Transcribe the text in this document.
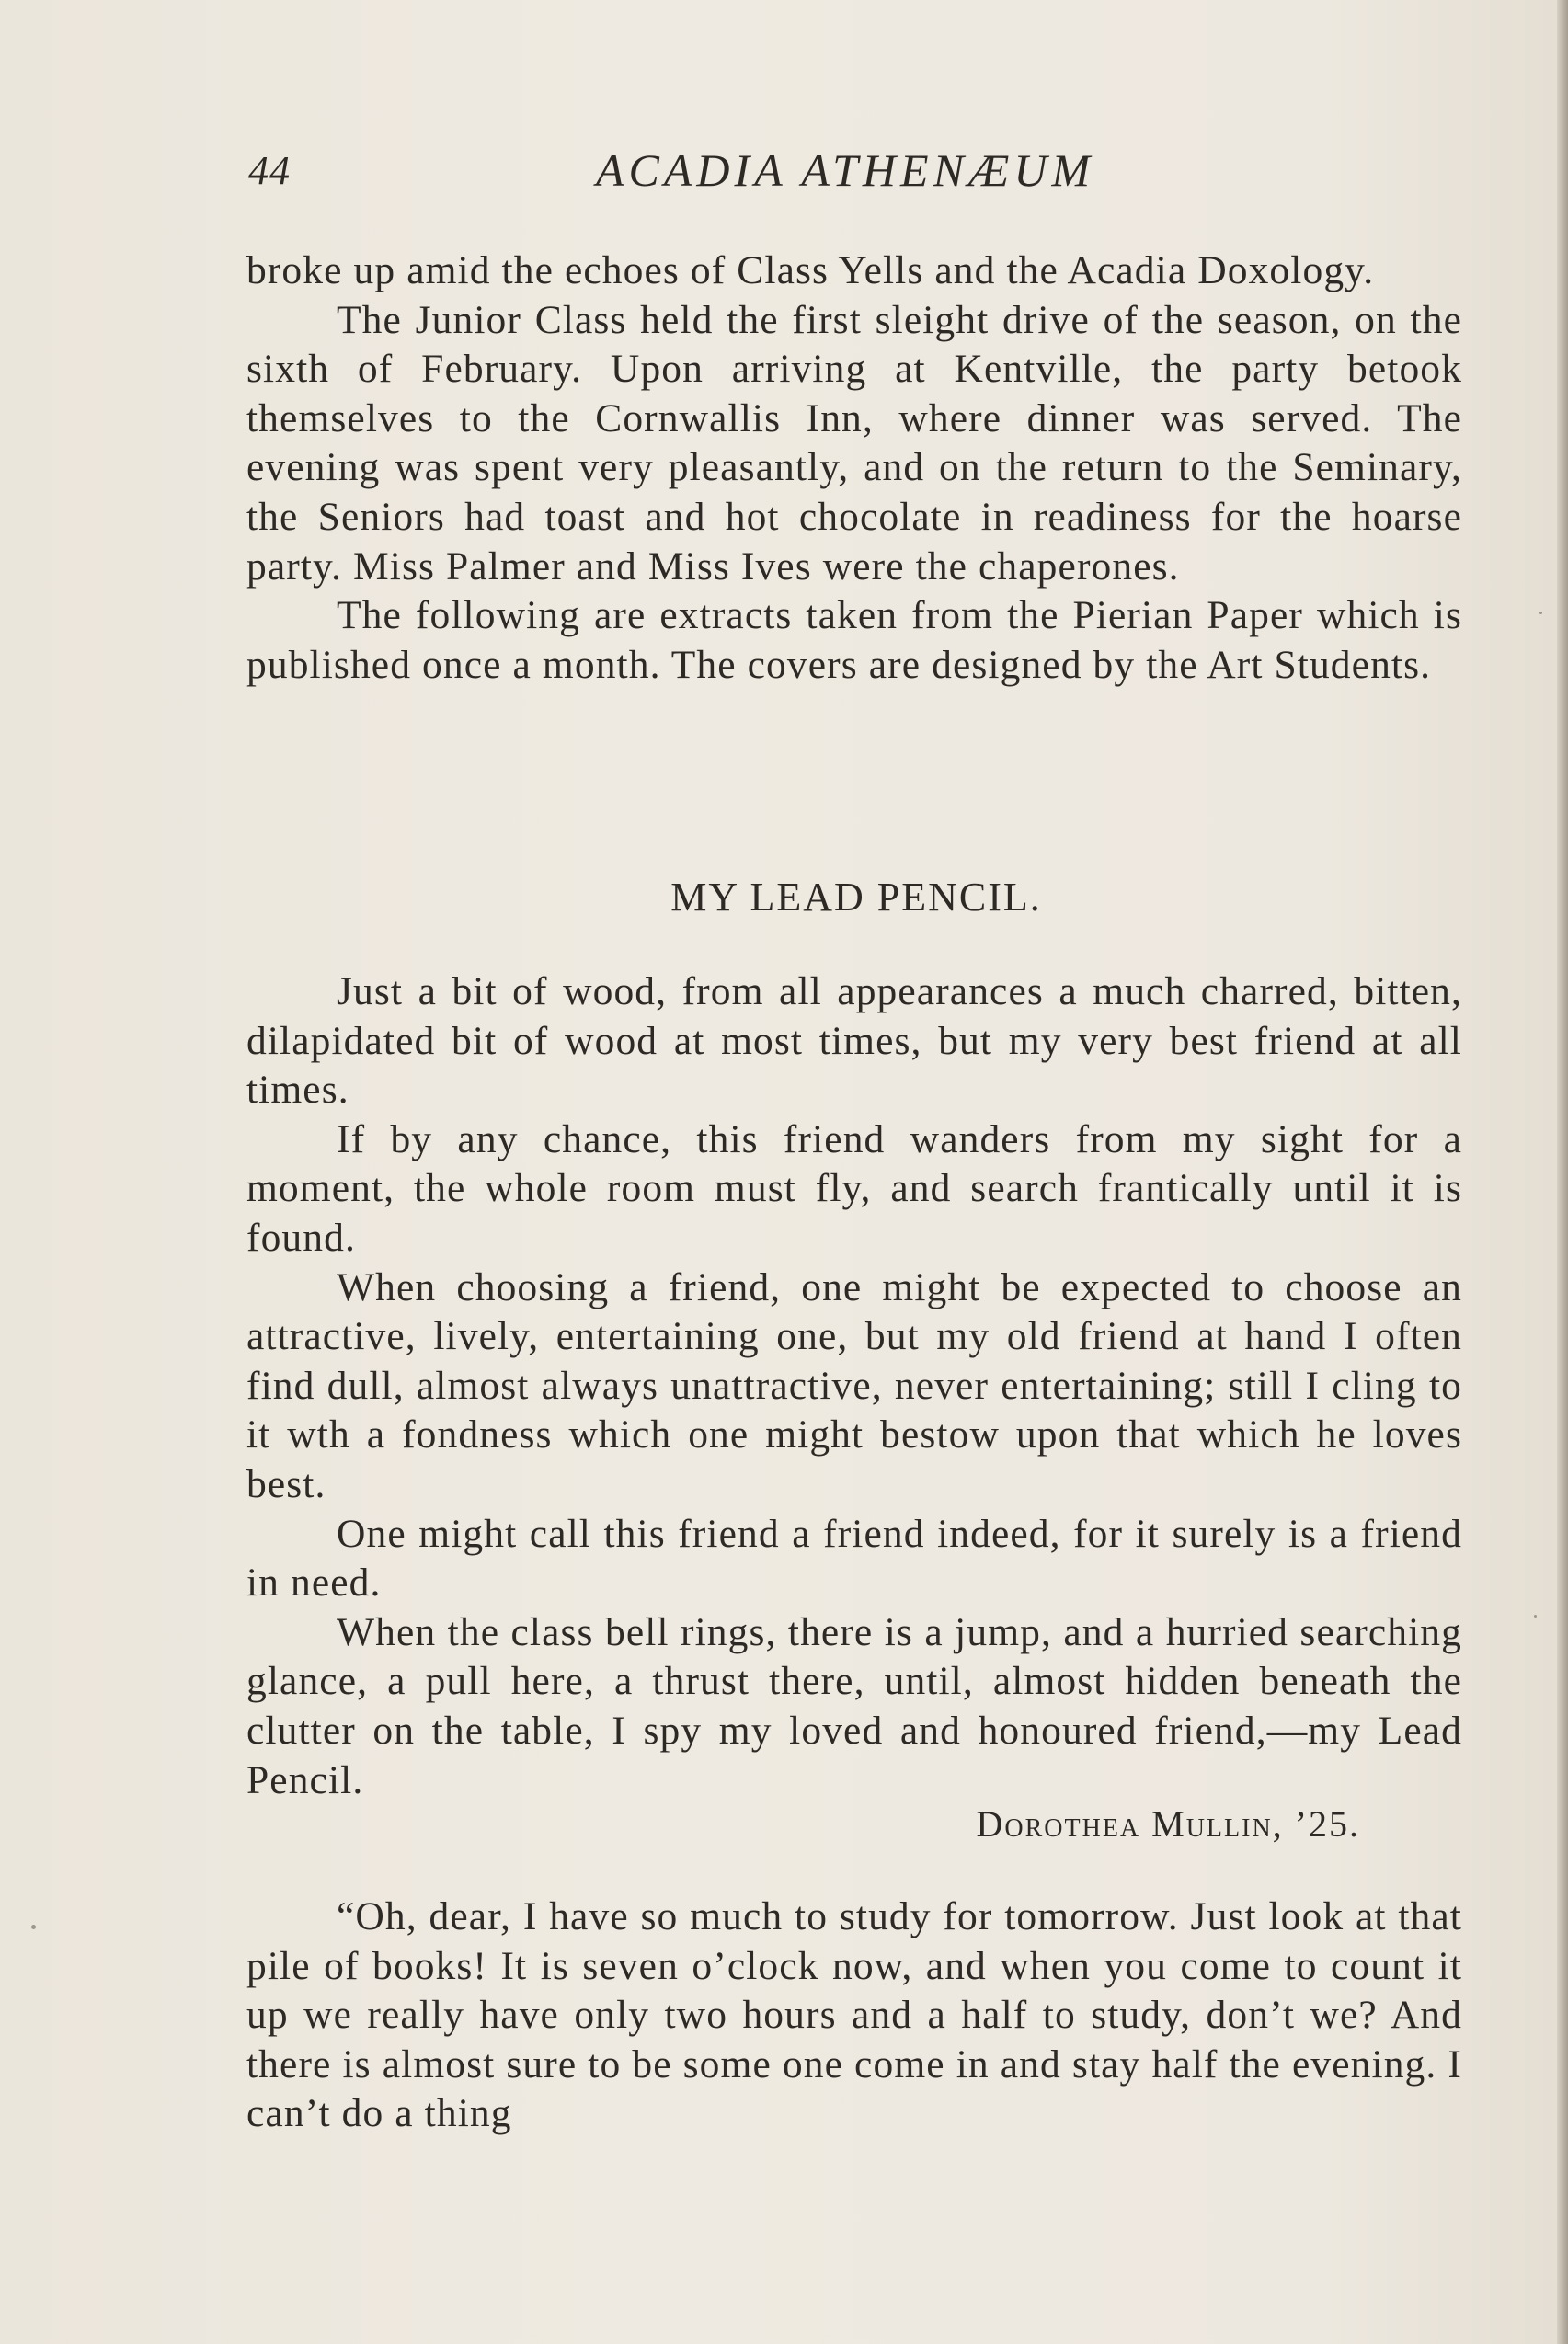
44	ACADIA ATHENÆUM

broke up amid the echoes of Class Yells and the Acadia Doxology.

The Junior Class held the first sleight drive of the season, on the sixth of February. Upon arriving at Kentville, the party betook themselves to the Cornwallis Inn, where dinner was served. The evening was spent very pleasantly, and on the return to the Seminary, the Seniors had toast and hot chocolate in readiness for the hoarse party. Miss Palmer and Miss Ives were the chaperones.

The following are extracts taken from the Pierian Paper which is published once a month. The covers are designed by the Art Students.

MY LEAD PENCIL.

Just a bit of wood, from all appearances a much charred, bitten, dilapidated bit of wood at most times, but my very best friend at all times.

If by any chance, this friend wanders from my sight for a moment, the whole room must fly, and search frantically until it is found.

When choosing a friend, one might be expected to choose an attractive, lively, entertaining one, but my old friend at hand I often find dull, almost always unattractive, never entertaining; still I cling to it wth a fondness which one might bestow upon that which he loves best.

One might call this friend a friend indeed, for it surely is a friend in need.

When the class bell rings, there is a jump, and a hurried searching glance, a pull here, a thrust there, until, almost hidden beneath the clutter on the table, I spy my loved and honoured friend,—my Lead Pencil.

Dorothea Mullin, ’25.

“Oh, dear, I have so much to study for tomorrow. Just look at that pile of books! It is seven o’clock now, and when you come to count it up we really have only two hours and a half to study, don’t we? And there is almost sure to be some one come in and stay half the evening. I can’t do a thing
